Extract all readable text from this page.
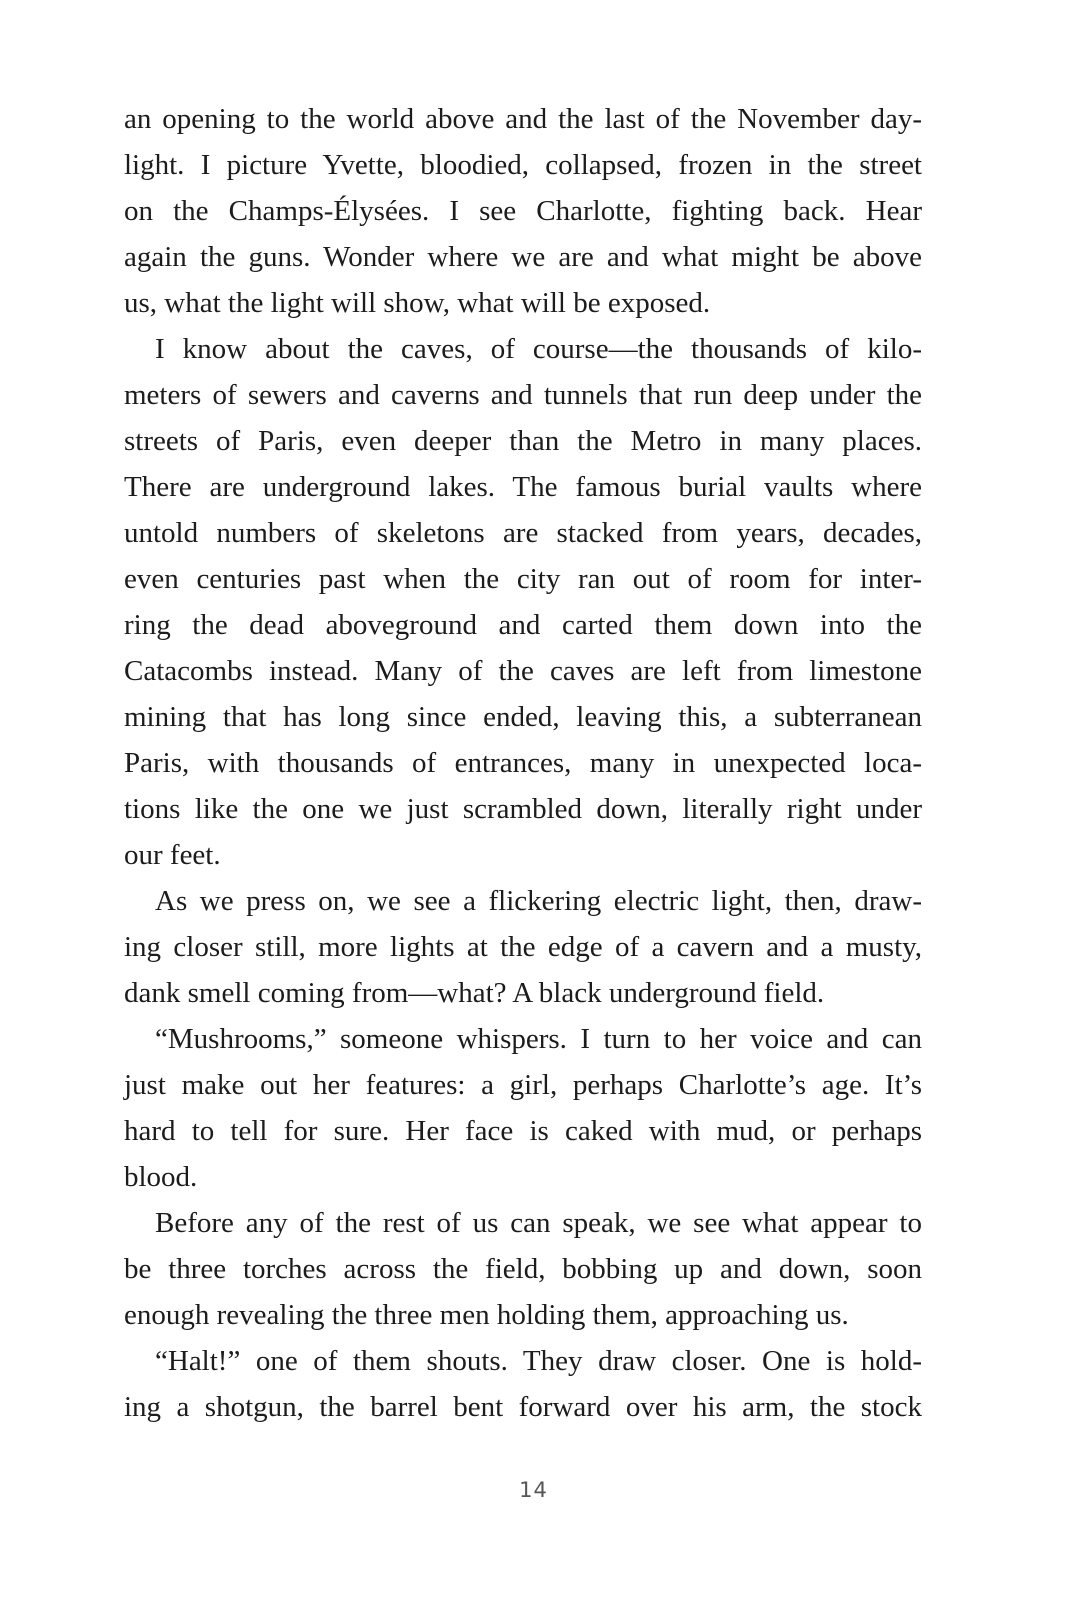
an opening to the world above and the last of the November day-
light. I picture Yvette, bloodied, collapsed, frozen in the street
on the Champs-Élysées. I see Charlotte, fighting back. Hear
again the guns. Wonder where we are and what might be above
us, what the light will show, what will be exposed.
I know about the caves, of course—the thousands of kilo-
meters of sewers and caverns and tunnels that run deep under the
streets of Paris, even deeper than the Metro in many places.
There are underground lakes. The famous burial vaults where
untold numbers of skeletons are stacked from years, decades,
even centuries past when the city ran out of room for inter-
ring the dead aboveground and carted them down into the
Catacombs instead. Many of the caves are left from limestone
mining that has long since ended, leaving this, a subterranean
Paris, with thousands of entrances, many in unexpected loca-
tions like the one we just scrambled down, literally right under
our feet.
As we press on, we see a flickering electric light, then, draw-
ing closer still, more lights at the edge of a cavern and a musty,
dank smell coming from—what? A black underground field.
“Mushrooms,” someone whispers. I turn to her voice and can
just make out her features: a girl, perhaps Charlotte’s age. It’s
hard to tell for sure. Her face is caked with mud, or perhaps
blood.
Before any of the rest of us can speak, we see what appear to
be three torches across the field, bobbing up and down, soon
enough revealing the three men holding them, approaching us.
“Halt!” one of them shouts. They draw closer. One is hold-
ing a shotgun, the barrel bent forward over his arm, the stock
14
